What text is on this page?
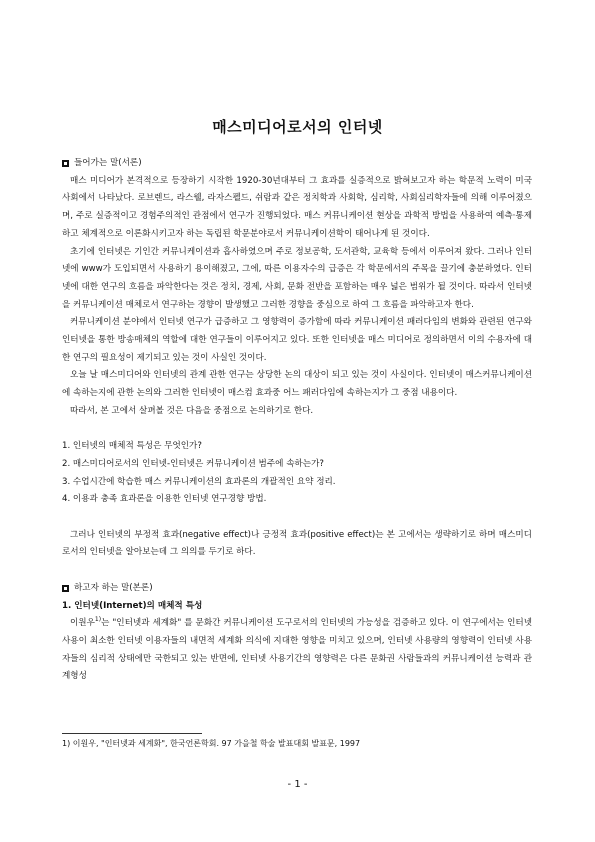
매스미디어로서의 인터넷
들어가는 말(서론)

매스 미디어가 본격적으로 등장하기 시작한 1920-30년대부터 그 효과를 실증적으로 밝혀보고자 하는 학문적 노력이 미국 사회에서 나타났다. 로브렌드, 라스웰, 라자스펠드, 쉬람과 같은 정치학과 사회학, 심리학, 사회심리학자들에 의해 이루어졌으며, 주로 실증적이고 경험주의적인 관점에서 연구가 진행되었다. 매스 커뮤니케이션 현상을 과학적 방법을 사용하여 예측·통제하고 체계적으로 이론화시키고자 하는 독립된 학문분야로서 커뮤니케이션학이 태어나게 된 것이다.

초기에 인터넷은 기인간 커뮤니케이션과 흡사하였으며 주로 정보공학, 도서관학, 교육학 등에서 이루어져 왔다. 그러나 인터넷에 www가 도입되면서 사용하기 용이해졌고, 그에, 따른 이용자수의 급증은 각 학문에서의 주목을 끌기에 충분하였다. 인터넷에 대한 연구의 흐름을 파악한다는 것은 정치, 경제, 사회, 문화 전반을 포함하는 매우 넓은 범위가 될 것이다. 따라서 인터넷을 커뮤니케이션 매체로서 연구하는 경향이 발생했고 그러한 경향을 중심으로 하여 그 흐름을 파악하고자 한다.

커뮤니케이션 분야에서 인터넷 연구가 급증하고 그 영향력이 증가함에 따라 커뮤니케이션 패러다임의 변화와 관련된 연구와 인터넷을 통한 방송매체의 역할에 대한 연구들이 이루어지고 있다. 또한 인터넷을 매스 미디어로 정의하면서 이의 수용자에 대한 연구의 필요성이 제기되고 있는 것이 사실인 것이다.

오늘 날 매스미디어와 인터넷의 관계 관한 연구는 상당한 논의 대상이 되고 있는 것이 사실이다. 인터넷이 매스커뮤니케이션에 속하는지에 관한 논의와 그러한 인터넷이 매스컴 효과중 어느 패러다임에 속하는지가 그 중점 내용이다.

따라서, 본 고에서 살펴볼 것은 다음을 중점으로 논의하기로 한다.

1. 인터넷의 매체적 특성은 무엇인가?
2. 매스미디어로서의 인터넷-인터넷은 커뮤니케이션 범주에 속하는가?
3. 수업시간에 학습한 매스 커뮤니케이션의 효과론의 개괄적인 요약 정리.
4. 이용과 충족 효과론을 이용한 인터넷 연구경향 방법.

그러나 인터넷의 부정적 효과(negative effect)나 긍정적 효과(positive effect)는 본 고에서는 생략하기로 하며 매스미디로서의 인터넷을 알아보는데 그 의의를 두기로 하다.

하고자 하는 말(본론)
1. 인터넷(Internet)의 매체적 특성

이원우$^{1)}$는 "인터넷과 세계화" 를 문화간 커뮤니케이션 도구로서의 인터넷의 가능성을 검증하고 있다. 이 연구에서는 인터넷 사용이 최소한 인터넷 이용자들의 내면적 세계화 의식에 지대한 영향을 미치고 있으며, 인터넷 사용량의 영향력이 인터넷 사용자들의 심리적 상태에만 국한되고 있는 반면에, 인터넷 사용기간의 영향력은 다른 문화권 사람들과의 커뮤니케이션 능력과 관계형성

1) 이원우, "인터넷과 세계화", 한국언론학회. 97 가을철 학술 발표대회 발표문, 1997
- 1 -
